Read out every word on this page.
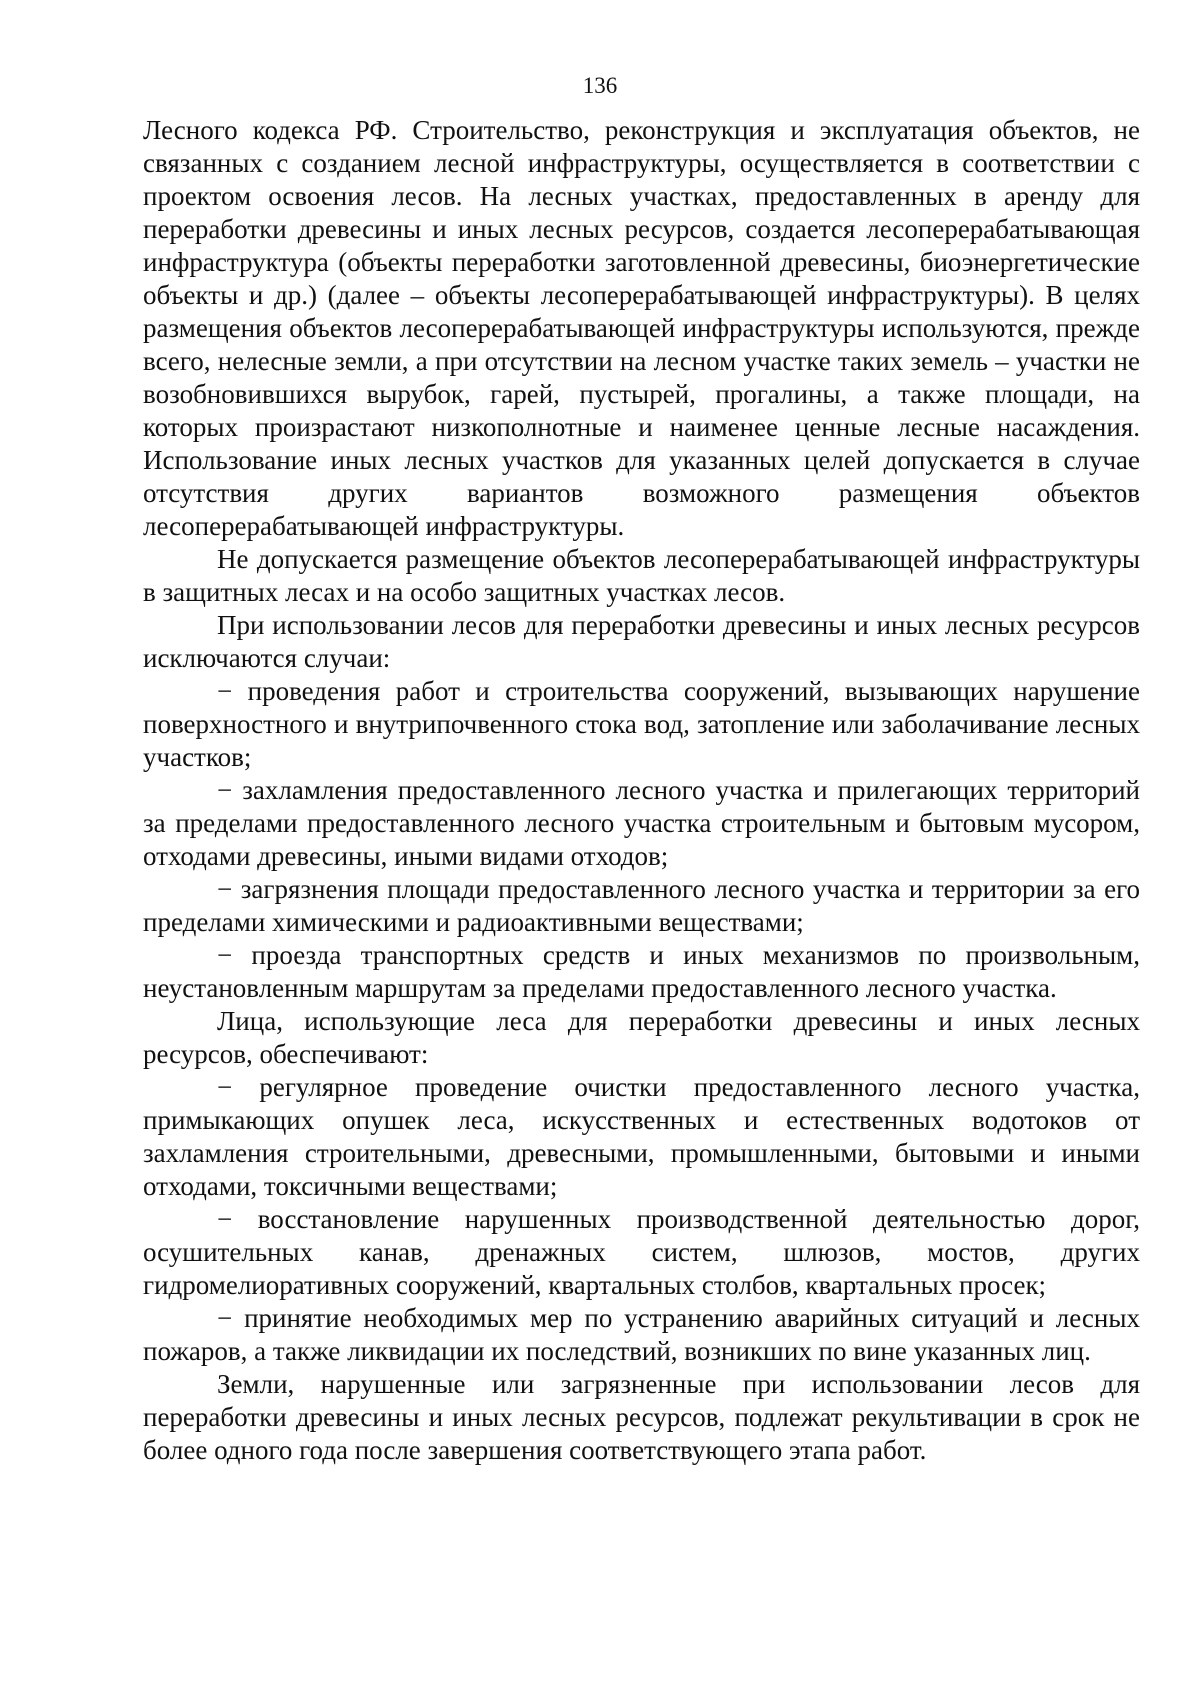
136

Лесного кодекса РФ. Строительство, реконструкция и эксплуатация объектов, не связанных с созданием лесной инфраструктуры, осуществляется в соответствии с проектом освоения лесов. На лесных участках, предоставленных в аренду для переработки древесины и иных лесных ресурсов, создается лесоперерабатывающая инфраструктура (объекты переработки заготовленной древесины, биоэнергетические объекты и др.) (далее – объекты лесоперерабатывающей инфраструктуры). В целях размещения объектов лесоперерабатывающей инфраструктуры используются, прежде всего, нелесные земли, а при отсутствии на лесном участке таких земель – участки не возобновившихся вырубок, гарей, пустырей, прогалины, а также площади, на которых произрастают низкополнотные и наименее ценные лесные насаждения. Использование иных лесных участков для указанных целей допускается в случае отсутствия других вариантов возможного размещения объектов лесоперерабатывающей инфраструктуры.

Не допускается размещение объектов лесоперерабатывающей инфраструктуры в защитных лесах и на особо защитных участках лесов.

При использовании лесов для переработки древесины и иных лесных ресурсов исключаются случаи:

− проведения работ и строительства сооружений, вызывающих нарушение поверхностного и внутрипочвенного стока вод, затопление или заболачивание лесных участков;

− захламления предоставленного лесного участка и прилегающих территорий за пределами предоставленного лесного участка строительным и бытовым мусором, отходами древесины, иными видами отходов;

− загрязнения площади предоставленного лесного участка и территории за его пределами химическими и радиоактивными веществами;

− проезда транспортных средств и иных механизмов по произвольным, неустановленным маршрутам за пределами предоставленного лесного участка.

Лица, использующие леса для переработки древесины и иных лесных ресурсов, обеспечивают:

− регулярное проведение очистки предоставленного лесного участка, примыкающих опушек леса, искусственных и естественных водотоков от захламления строительными, древесными, промышленными, бытовыми и иными отходами, токсичными веществами;

− восстановление нарушенных производственной деятельностью дорог, осушительных канав, дренажных систем, шлюзов, мостов, других гидромелиоративных сооружений, квартальных столбов, квартальных просек;

− принятие необходимых мер по устранению аварийных ситуаций и лесных пожаров, а также ликвидации их последствий, возникших по вине указанных лиц.

Земли, нарушенные или загрязненные при использовании лесов для переработки древесины и иных лесных ресурсов, подлежат рекультивации в срок не более одного года после завершения соответствующего этапа работ.
